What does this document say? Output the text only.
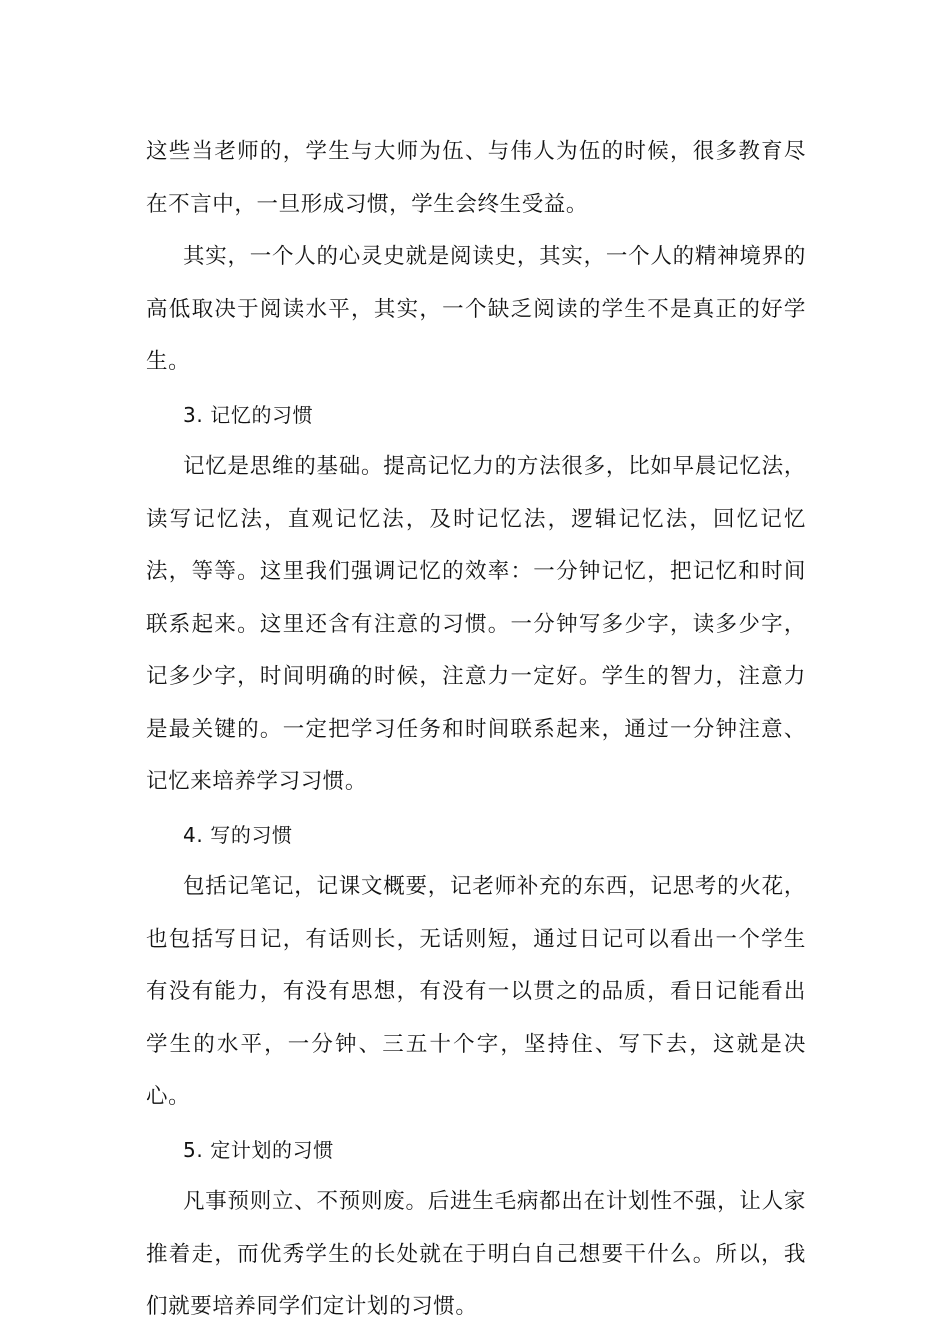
这些当老师的，学生与大师为伍、与伟人为伍的时候，很多教育尽在不言中，一旦形成习惯，学生会终生受益。

其实，一个人的心灵史就是阅读史，其实，一个人的精神境界的高低取决于阅读水平，其实，一个缺乏阅读的学生不是真正的好学生。

3. 记忆的习惯

记忆是思维的基础。提高记忆力的方法很多，比如早晨记忆法，读写记忆法，直观记忆法，及时记忆法，逻辑记忆法，回忆记忆法，等等。这里我们强调记忆的效率：一分钟记忆，把记忆和时间联系起来。这里还含有注意的习惯。一分钟写多少字，读多少字，记多少字，时间明确的时候，注意力一定好。学生的智力，注意力是最关键的。一定把学习任务和时间联系起来，通过一分钟注意、记忆来培养学习习惯。

4. 写的习惯

包括记笔记，记课文概要，记老师补充的东西，记思考的火花，也包括写日记，有话则长，无话则短，通过日记可以看出一个学生有没有能力，有没有思想，有没有一以贯之的品质，看日记能看出学生的水平，一分钟、三五十个字，坚持住、写下去，这就是决心。

5. 定计划的习惯

凡事预则立、不预则废。后进生毛病都出在计划性不强，让人家推着走，而优秀学生的长处就在于明白自己想要干什么。所以，我们就要培养同学们定计划的习惯。
